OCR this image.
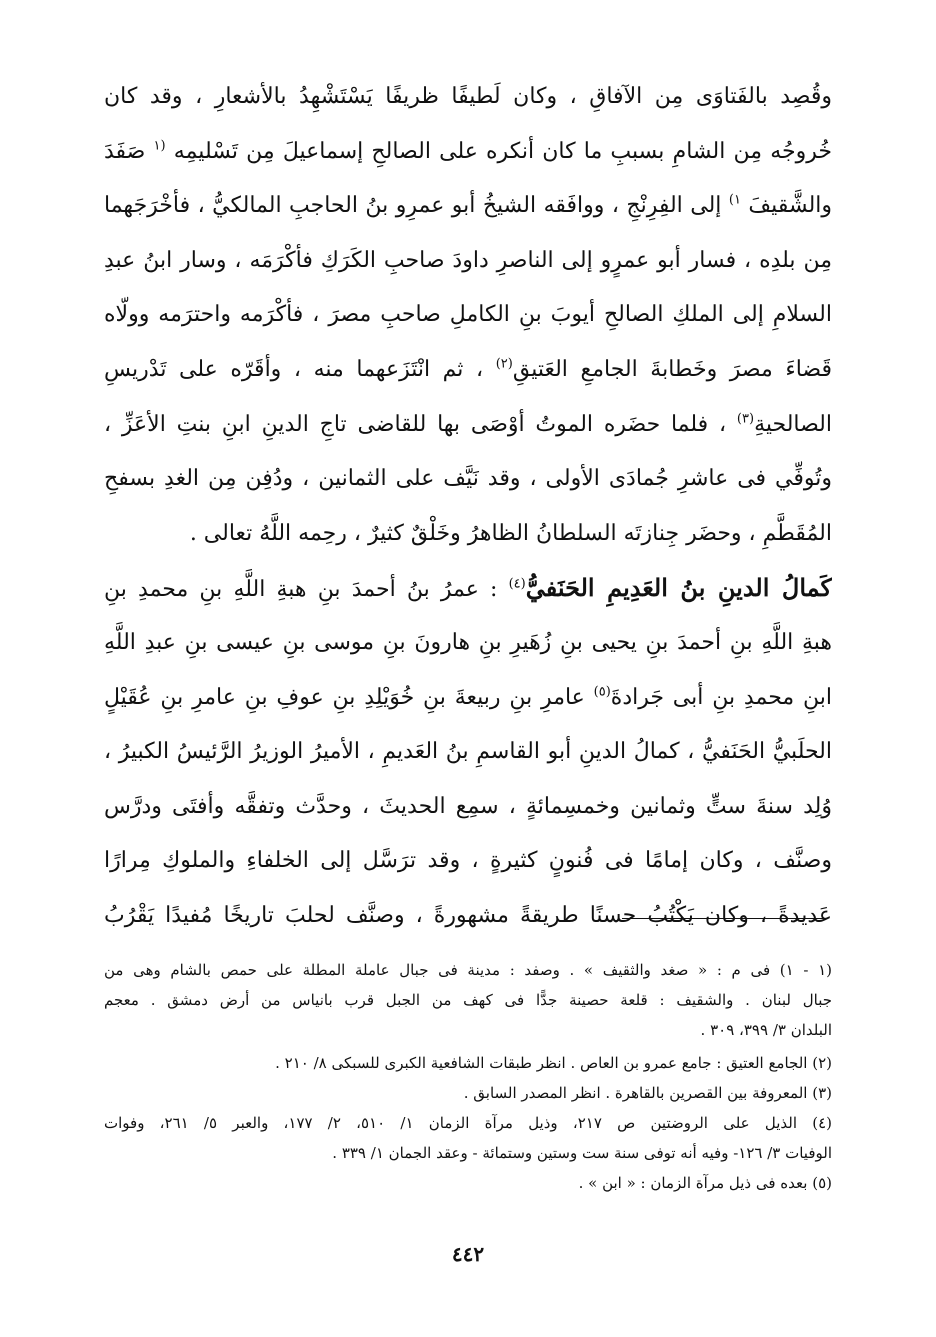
وقُصِد بالفَتاوَى مِن الآفاقِ ، وكان لَطيفًا ظريفًا يَسْتَشْهِدُ بالأشعارِ ، وقد كان
خُروجُه مِن الشامِ بسببِ ما كان أنكره على الصالحِ إسماعيلَ مِن تَسْليمِه $^{(١}$ صَفَدَ
والشَّقيفَ $^{١)}$ إلى الفِرِنْجِ ، ووافَقه الشيخُ أبو عمرِو بنُ الحاجبِ المالكيُّ ، فأخْرَجَهما
مِن بلدِه ، فسار أبو عمرٍو إلى الناصرِ داودَ صاحبِ الكَرَكِ فأكْرَمَه ، وسار ابنُ عبدِ
السلامِ إلى الملكِ الصالحِ أيوبَ بنِ الكاملِ صاحبِ مصرَ ، فأكْرَمه واحترَمه وولّاه
قَضاءَ مصرَ وخَطابةَ الجامعِ العَتيقِ$^{(٢)}$ ، ثم انْتَزَعهما منه ، وأقَرّه على تَدْريسِ
الصالحيةِ$^{(٣)}$ ، فلما حضَره الموتُ أوْصَى بها للقاضى تاجِ الدينِ ابنِ بنتِ الأعَزِّ ،
وتُوفِّي فى عاشرِ جُمادَى الأولى ، وقد نَيَّف على الثمانين ، ودُفِن مِن الغدِ بسفحِ
المُقَطَّمِ ، وحضَر جِنازتَه السلطانُ الظاهرُ وخَلْقٌ كثيرٌ ، رحِمه اللَّهُ تعالى .
كَمالُ الدينِ بنُ العَدِيمِ الحَنَفيُّ$^{(٤)}$ : عمرُ بنُ أحمدَ بنِ هبةِ اللَّهِ بنِ محمدِ بنِ
هبةِ اللَّهِ بنِ أحمدَ بنِ يحيى بنِ زُهَيرِ بنِ هارونَ بنِ موسى بنِ عيسى بنِ عبدِ اللَّهِ
ابنِ محمدِ بنِ أبى جَرادةَ$^{(٥)}$ عامرِ بنِ ربيعةَ بنِ خُوَيْلِدِ بنِ عوفِ بنِ عامرِ بنِ عُقَيْلٍ
الحلَبيُّ الحَنَفيُّ ، كمالُ الدينِ أبو القاسمِ بنُ العَديمِ ، الأميرُ الوزيرُ الرَّئيسُ الكبيرُ ،
وُلِد سنةَ ستٍّ وثمانين وخمسِمائةٍ ، سمِع الحديثَ ، وحدَّث وتفقَّه وأفتَى ودرَّس
وصنَّف ، وكان إمامًا فى فُنونٍ كثيرةٍ ، وقد ترَسَّل إلى الخلفاءِ والملوكِ مِرارًا
عَديدةً ، وكان يَكْتُبُ حسنًا طريقةً مشهورةً ، وصنَّف لحلبَ تاريخًا مُفيدًا يَقْرُبُ
(١ - ١) فى م : « صغد والثقيف » . وصفد : مدينة فى جبال عاملة المطلة على حمص بالشام وهى من
جبال لبنان . والشقيف : قلعة حصينة جدًّا فى كهف من الجبل قرب بانياس من أرض دمشق . معجم
البلدان ٣/ ٣٩٩، ٣٠٩ .
(٢) الجامع العتيق : جامع عمرو بن العاص . انظر طبقات الشافعية الكبرى للسبكى ٨/ ٢١٠ .
(٣) المعروفة بين القصرين بالقاهرة . انظر المصدر السابق .
(٤) الذيل على الروضتين ص ٢١٧، وذيل مرآة الزمان ١/ ٥١٠، ٢/ ١٧٧، والعبر ٥/ ٢٦١، وفوات
الوفيات ٣/ ١٢٦- وفيه أنه توفى سنة ست وستين وستمائة - وعقد الجمان ١/ ٣٣٩ .
(٥) بعده فى ذيل مرآة الزمان : « ابن » .
٤٤٢
